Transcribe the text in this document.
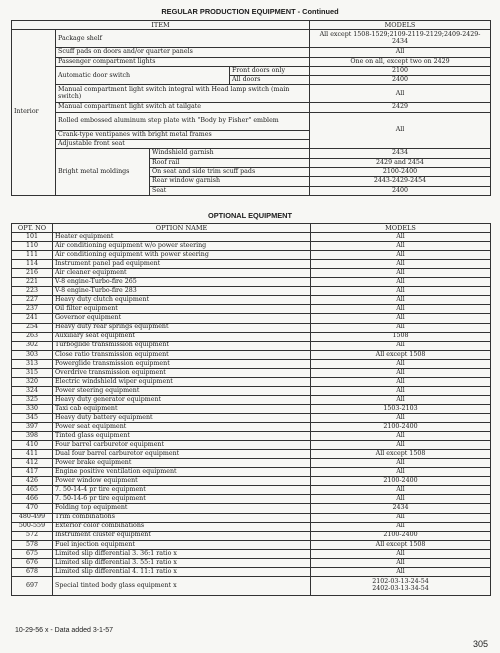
REGULAR PRODUCTION EQUIPMENT - Continued
ITEM				MODELS
Interior	Package shelf			All except 1508-1529;2109-2119-2129;2409-2429-2434
	Scuff pads on doors and/or quarter panels			All
	Passenger compartment lights			One on all, except two on 2429
	Automatic door switch		Front doors only	2100
			All doors	2400
	Manual compartment light switch integral with Head lamp switch (main switch)			All
	Manual compartment light switch at tailgate			2429
	Rolled embossed aluminum step plate with "Body by Fisher" emblem			All
	Crank-type ventipanes with bright metal frames			
	Adjustable front seat			
	Bright metal moldings	Windshield garnish		2434
		Roof rail		2429 and 2454
		On seat and side trim scuff pads		2100-2400
		Rear window garnish		2443-2429-2454
		Seat		2400
OPTIONAL EQUIPMENT
OPT. NO	OPTION NAME	MODELS
101	Heater equipment	All
110	Air conditioning equipment w/o power steering	All
111	Air conditioning equipment with power steering	All
114	Instrument panel pad equipment	All
216	Air cleaner equipment	All
221	V-8 engine-Turbo-fire 265	All
223	V-8 engine-Turbo-fire 283	All
227	Heavy duty clutch equipment	All
237	Oil filter equipment	All
241	Governor equipment	All
254	Heavy duty rear springs equipment	All
263	Auxiliary seat equipment	1508
302	Turboglide transmission equipment	All
303	Close ratio transmission equipment	All except 1508
313	Powerglide transmission equipment	All
315	Overdrive transmission equipment	All
320	Electric windshield wiper equipment	All
324	Power steering equipment	All
325	Heavy duty generator equipment	All
330	Taxi cab equipment	1503-2103
345	Heavy duty battery equipment	All
397	Power seat equipment	2100-2400
398	Tinted glass equipment	All
410	Four barrel carburetor equipment	All
411	Dual four barrel carburetor equipment	All except 1508
412	Power brake equipment	All
417	Engine positive ventilation equipment	All
426	Power window equipment	2100-2400
465	7. 50-14-4 pr tire equipment	All
466	7. 50-14-6 pr tire equipment	All
470	Folding top equipment	2434
480-499	Trim combinations	All
500-559	Exterior color combinations	All
572	Instrument cluster equipment	2100-2400
578	Fuel injection equipment	All except 1508
675	Limited slip differential 3. 36:1 ratio x	All
676	Limited slip differential 3. 55:1 ratio x	All
678	Limited slip differential 4. 11:1 ratio x	All
697	Special tinted body glass equipment x	2102-03-13-24-54
2402-03-13-34-54
10-29-56 x - Data added 3-1-57
305
